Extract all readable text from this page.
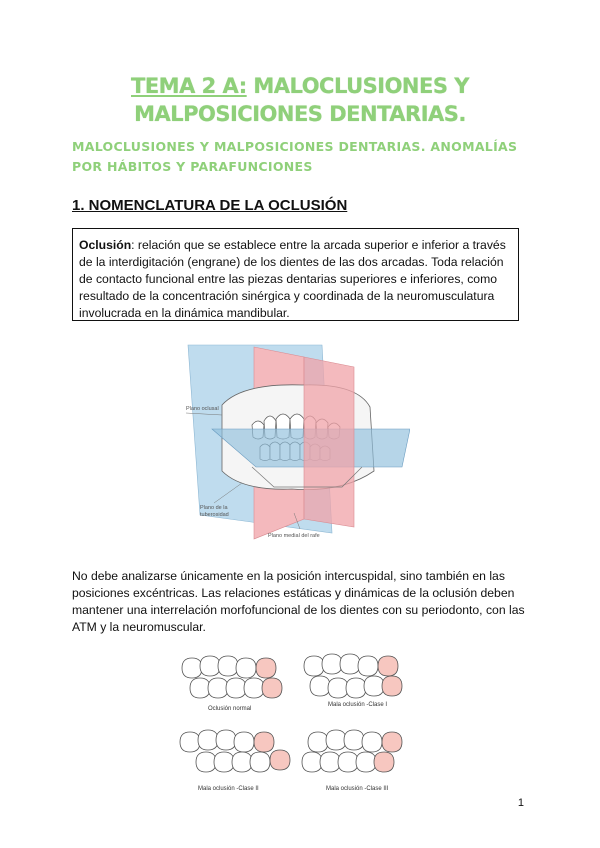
TEMA 2 A: MALOCLUSIONES Y MALPOSICIONES DENTARIAS.
MALOCLUSIONES Y MALPOSICIONES DENTARIAS. ANOMALÍAS POR HÁBITOS Y PARAFUNCIONES
1. NOMENCLATURA DE LA OCLUSIÓN
Oclusión: relación que se establece entre la arcada superior e inferior a través de la interdigitación (engrane) de los dientes de las dos arcadas. Toda relación de contacto funcional entre las piezas dentarias superiores e inferiores, como resultado de la concentración sinérgica y coordinada de la neuromusculatura involucrada en la dinámica mandibular.
Plano oclusal
Plano de la
tuberosidad
Plano medial del rafe
No debe analizarse únicamente en la posición intercuspidal, sino también en las posiciones excéntricas. Las relaciones estáticas y dinámicas de la oclusión deben mantener una interrelación morfofuncional de los dientes con su periodonto, con las ATM y la neuromuscular.
Oclusión normal
Mala oclusión -Clase I
Mala oclusión -Clase II	Mala oclusión -Clase III
1
